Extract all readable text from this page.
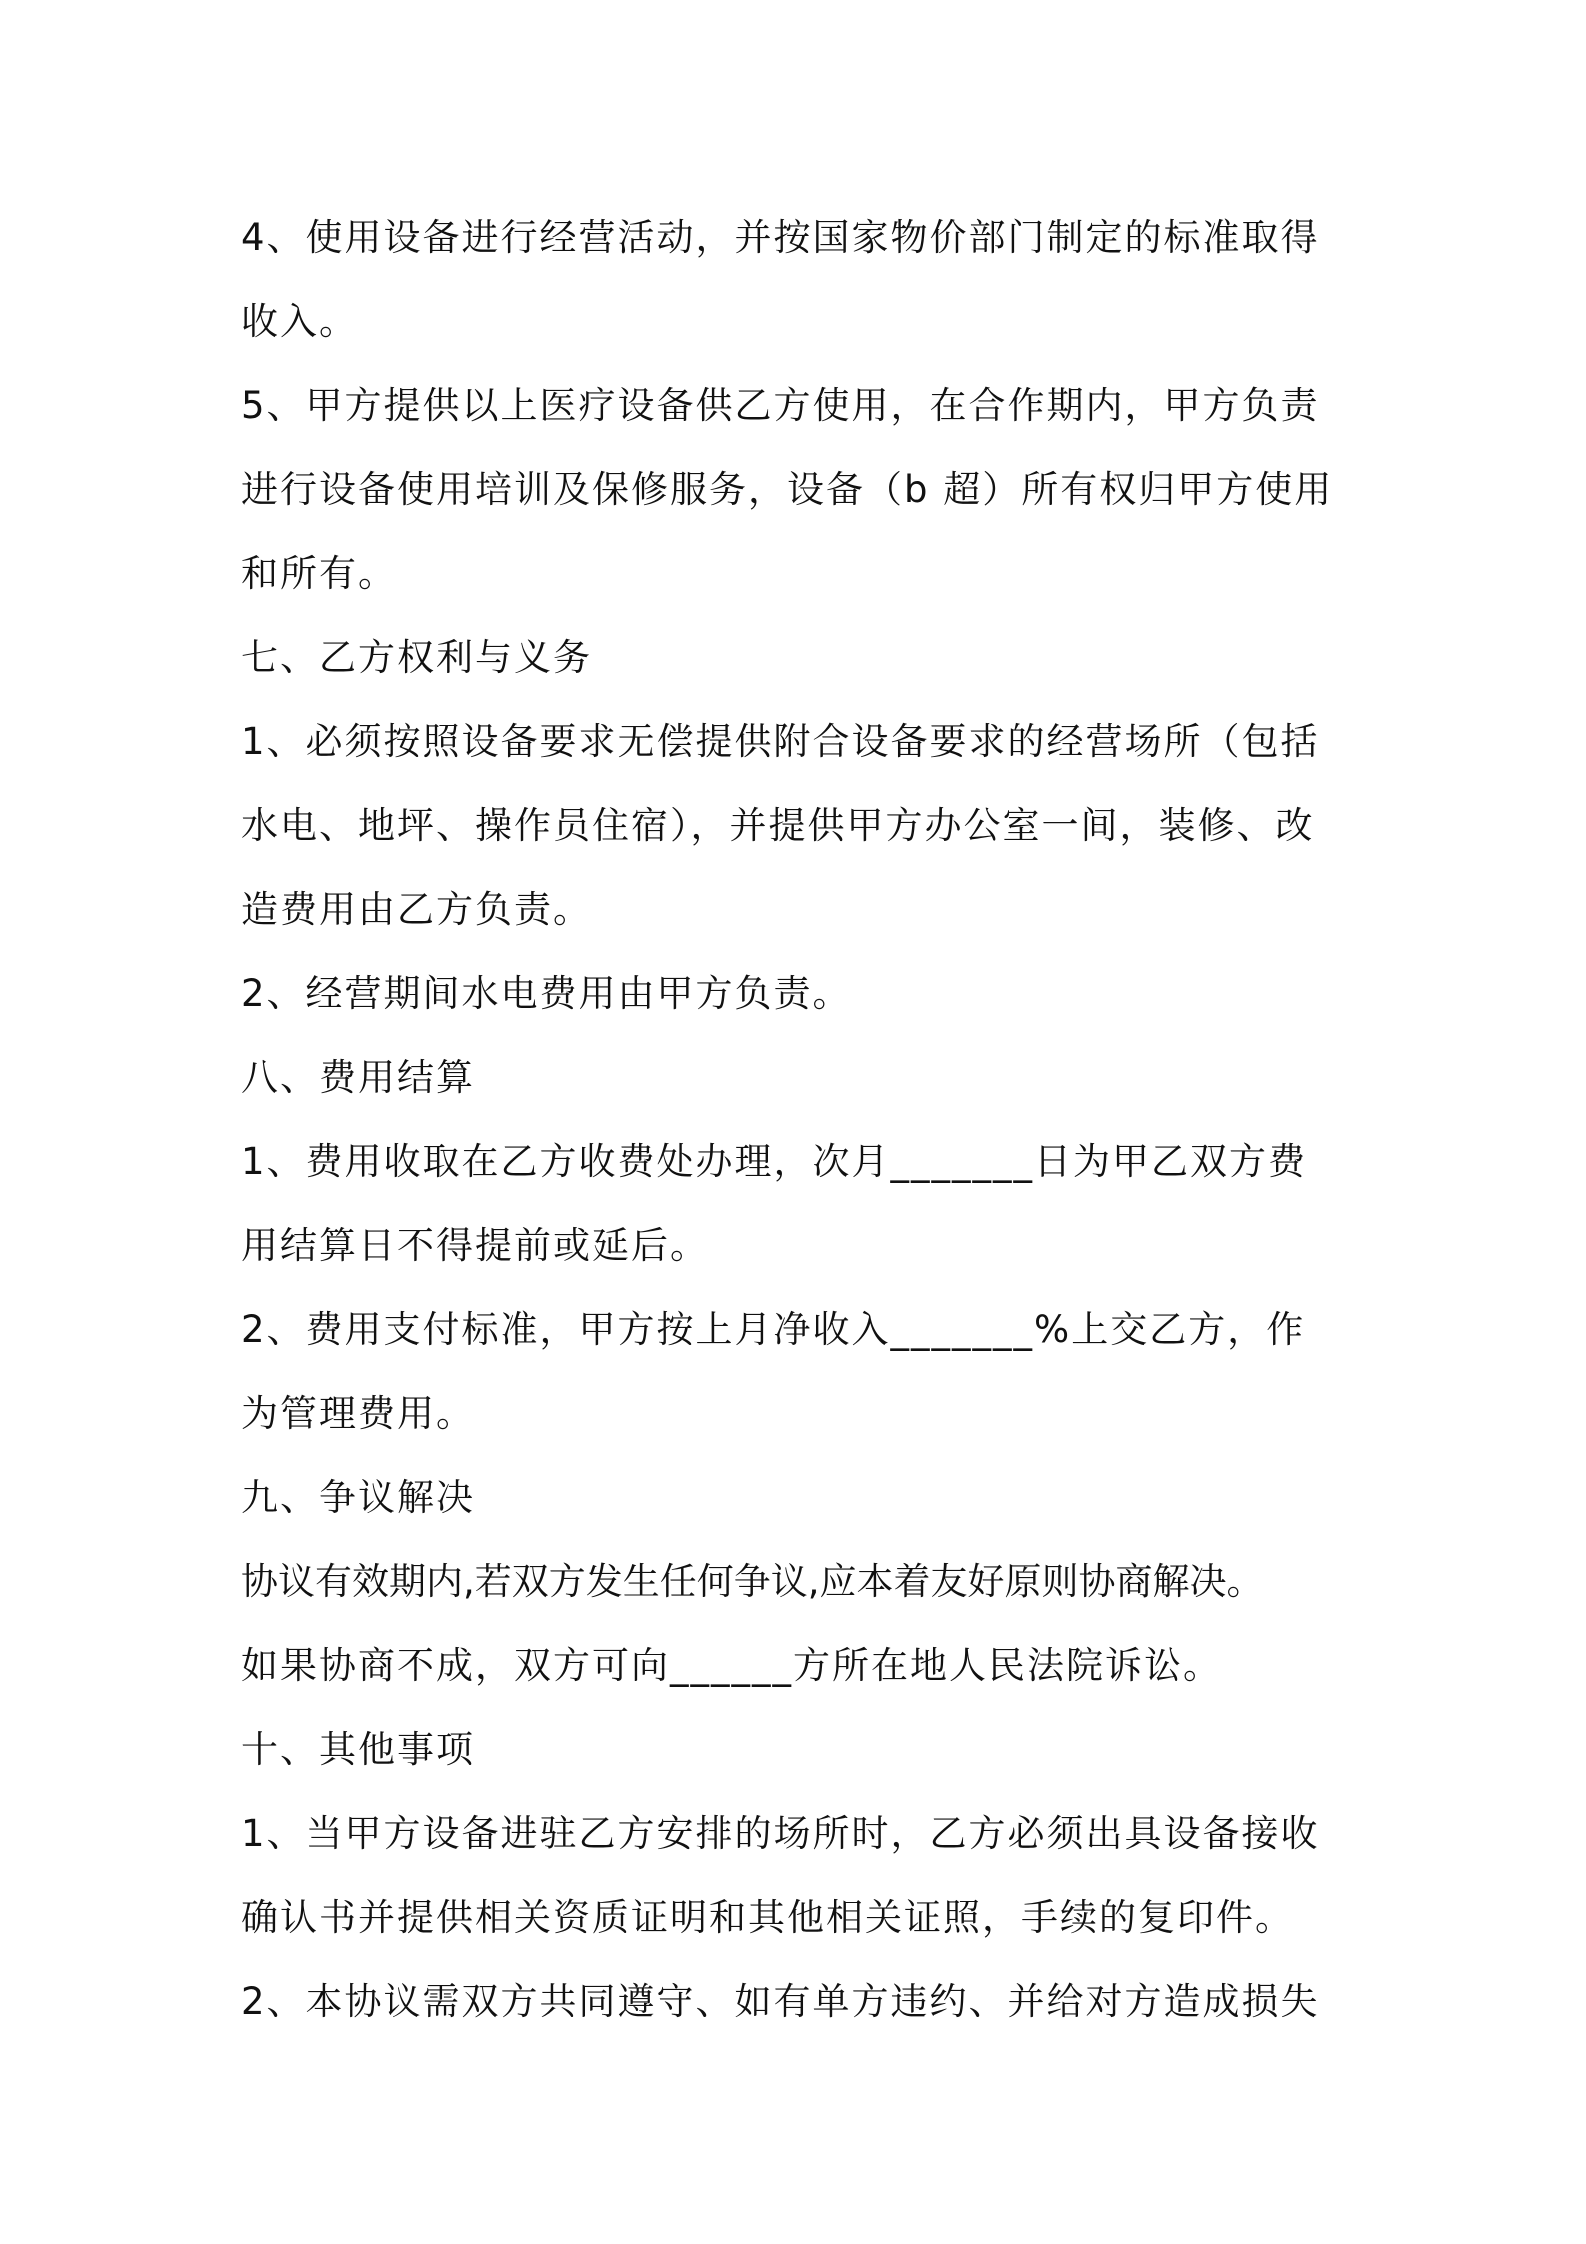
4、使用设备进行经营活动，并按国家物价部门制定的标准取得
收入。
5、甲方提供以上医疗设备供乙方使用，在合作期内，甲方负责
进行设备使用培训及保修服务，设备（b 超）所有权归甲方使用
和所有。
七、乙方权利与义务
1、必须按照设备要求无偿提供附合设备要求的经营场所（包括
水电、地坪、操作员住宿），并提供甲方办公室一间，装修、改
造费用由乙方负责。
2、经营期间水电费用由甲方负责。
八、费用结算
1、费用收取在乙方收费处办理，次月_______日为甲乙双方费
用结算日不得提前或延后。
2、费用支付标准，甲方按上月净收入_______%上交乙方，作
为管理费用。
九、争议解决
协议有效期内,若双方发生任何争议,应本着友好原则协商解决。
如果协商不成，双方可向______方所在地人民法院诉讼。
十、其他事项
1、当甲方设备进驻乙方安排的场所时，乙方必须出具设备接收
确认书并提供相关资质证明和其他相关证照，手续的复印件。
2、本协议需双方共同遵守、如有单方违约、并给对方造成损失
